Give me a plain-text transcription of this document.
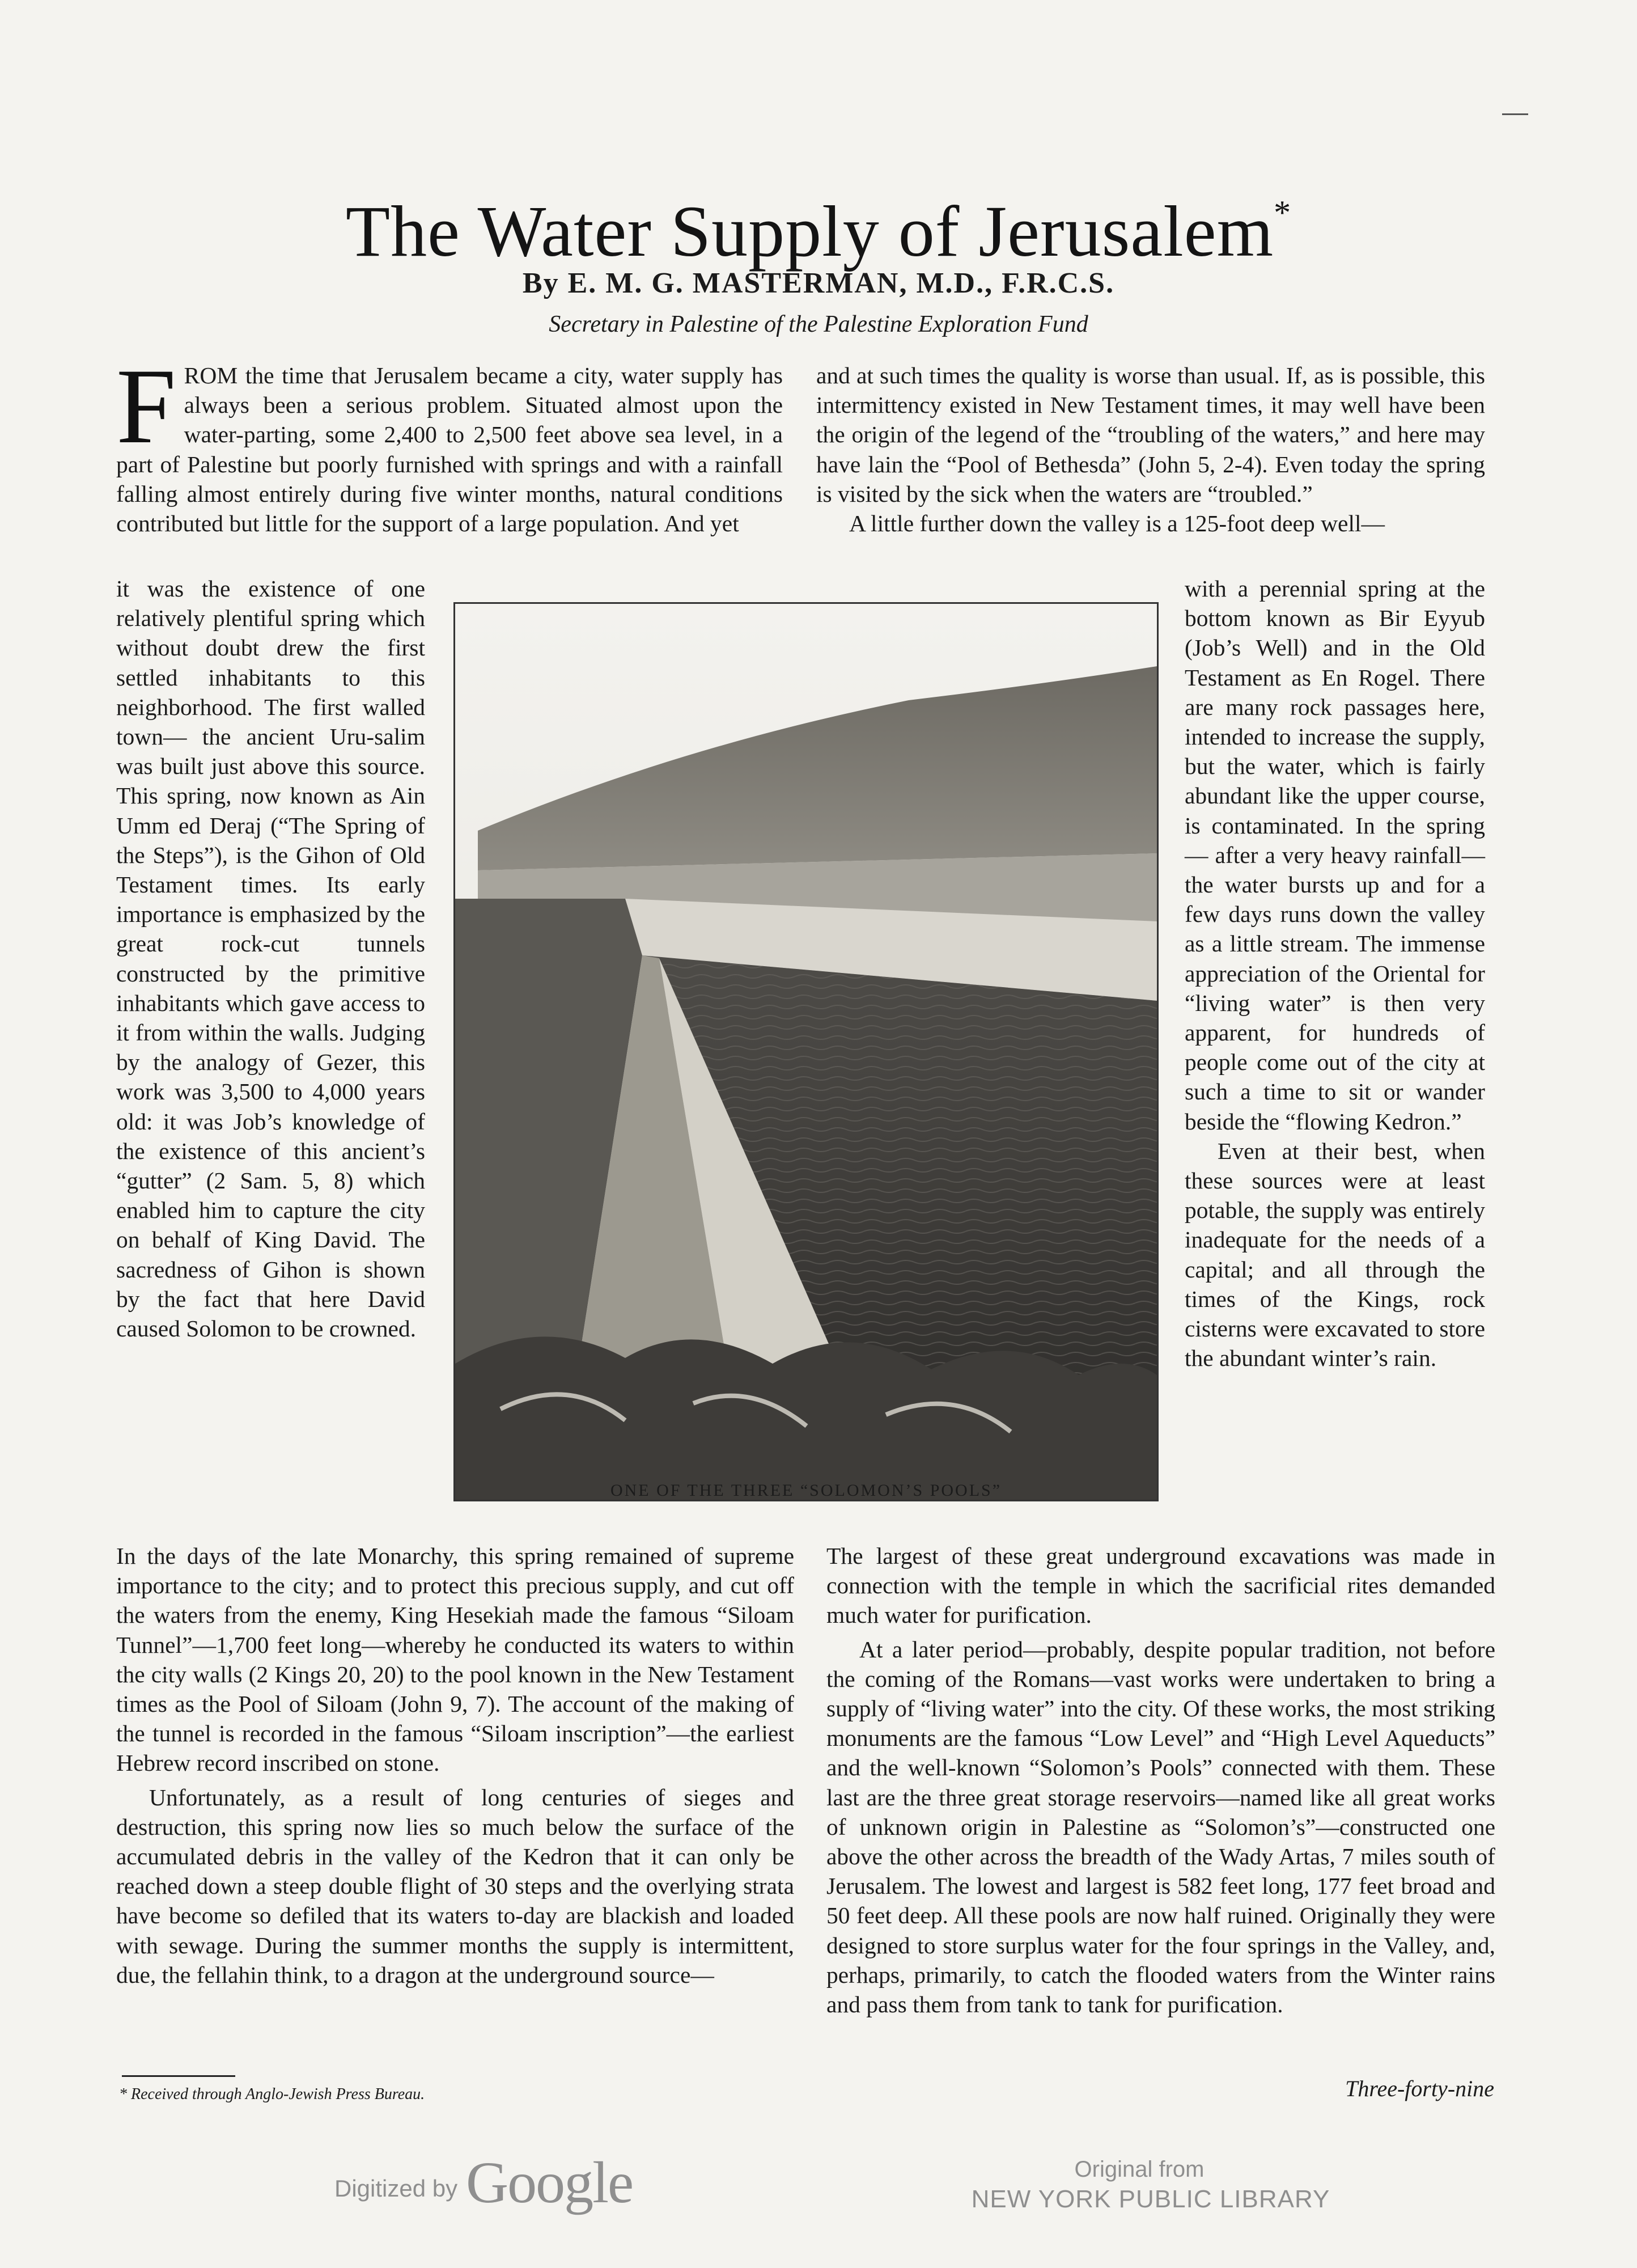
The Water Supply of Jerusalem*
By E. M. G. MASTERMAN, M.D., F.R.C.S.
Secretary in Palestine of the Palestine Exploration Fund

FROM the time that Jerusalem became a city, water supply has always been a serious problem. Situated almost upon the water-parting, some 2,400 to 2,500 feet above sea level, in a part of Palestine but poorly furnished with springs and with a rainfall falling almost entirely during five winter months, natural conditions contributed but little for the support of a large population. And yet

it was the existence of one relatively plentiful spring which without doubt drew the first settled inhabitants to this neighborhood. The first walled town— the ancient Uru-salim was built just above this source. This spring, now known as Ain Umm ed Deraj (“The Spring of the Steps”), is the Gihon of Old Testament times. Its early importance is emphasized by the great rock-cut tunnels constructed by the primitive inhabitants which gave access to it from within the walls. Judging by the analogy of Gezer, this work was 3,500 to 4,000 years old: it was Job’s knowledge of the existence of this ancient’s “gutter” (2 Sam. 5, 8) which enabled him to capture the city on behalf of King David. The sacredness of Gihon is shown by the fact that here David caused Solomon to be crowned.

ONE OF THE THREE “SOLOMON’S POOLS”

In the days of the late Monarchy, this spring remained of supreme importance to the city; and to protect this precious supply, and cut off the waters from the enemy, King Hesekiah made the famous “Siloam Tunnel”—1,700 feet long—whereby he conducted its waters to within the city walls (2 Kings 20, 20) to the pool known in the New Testament times as the Pool of Siloam (John 9, 7). The account of the making of the tunnel is recorded in the famous “Siloam inscription”—the earliest Hebrew record inscribed on stone.

Unfortunately, as a result of long centuries of sieges and destruction, this spring now lies so much below the surface of the accumulated debris in the valley of the Kedron that it can only be reached down a steep double flight of 30 steps and the overlying strata have become so defiled that its waters to-day are blackish and loaded with sewage. During the summer months the supply is intermittent, due, the fellahin think, to a dragon at the underground source—

and at such times the quality is worse than usual. If, as is possible, this intermittency existed in New Testament times, it may well have been the origin of the legend of the “troubling of the waters,” and here may have lain the “Pool of Bethesda” (John 5, 2-4). Even today the spring is visited by the sick when the waters are “troubled.”

A little further down the valley is a 125-foot deep well—

with a perennial spring at the bottom known as Bir Eyyub (Job’s Well) and in the Old Testament as En Rogel. There are many rock passages here, intended to increase the supply, but the water, which is fairly abundant like the upper course, is contaminated. In the spring— after a very heavy rainfall—the water bursts up and for a few days runs down the valley as a little stream. The immense appreciation of the Oriental for “living water” is then very apparent, for hundreds of people come out of the city at such a time to sit or wander beside the “flowing Kedron.”

Even at their best, when these sources were at least potable, the supply was entirely inadequate for the needs of a capital; and all through the times of the Kings, rock cisterns were excavated to store the abundant winter’s rain.

The largest of these great underground excavations was made in connection with the temple in which the sacrificial rites demanded much water for purification.

At a later period—probably, despite popular tradition, not before the coming of the Romans—vast works were undertaken to bring a supply of “living water” into the city. Of these works, the most striking monuments are the famous “Low Level” and “High Level Aqueducts” and the well-known “Solomon’s Pools” connected with them. These last are the three great storage reservoirs—named like all great works of unknown origin in Palestine as “Solomon’s”—constructed one above the other across the breadth of the Wady Artas, 7 miles south of Jerusalem. The lowest and largest is 582 feet long, 177 feet broad and 50 feet deep. All these pools are now half ruined. Originally they were designed to store surplus water for the four springs in the Valley, and, perhaps, primarily, to catch the flooded waters from the Winter rains and pass them from tank to tank for purification.

* Received through Anglo-Jewish Press Bureau.	Three-forty-nine
Digitized by Google	Original from
NEW YORK PUBLIC LIBRARY
